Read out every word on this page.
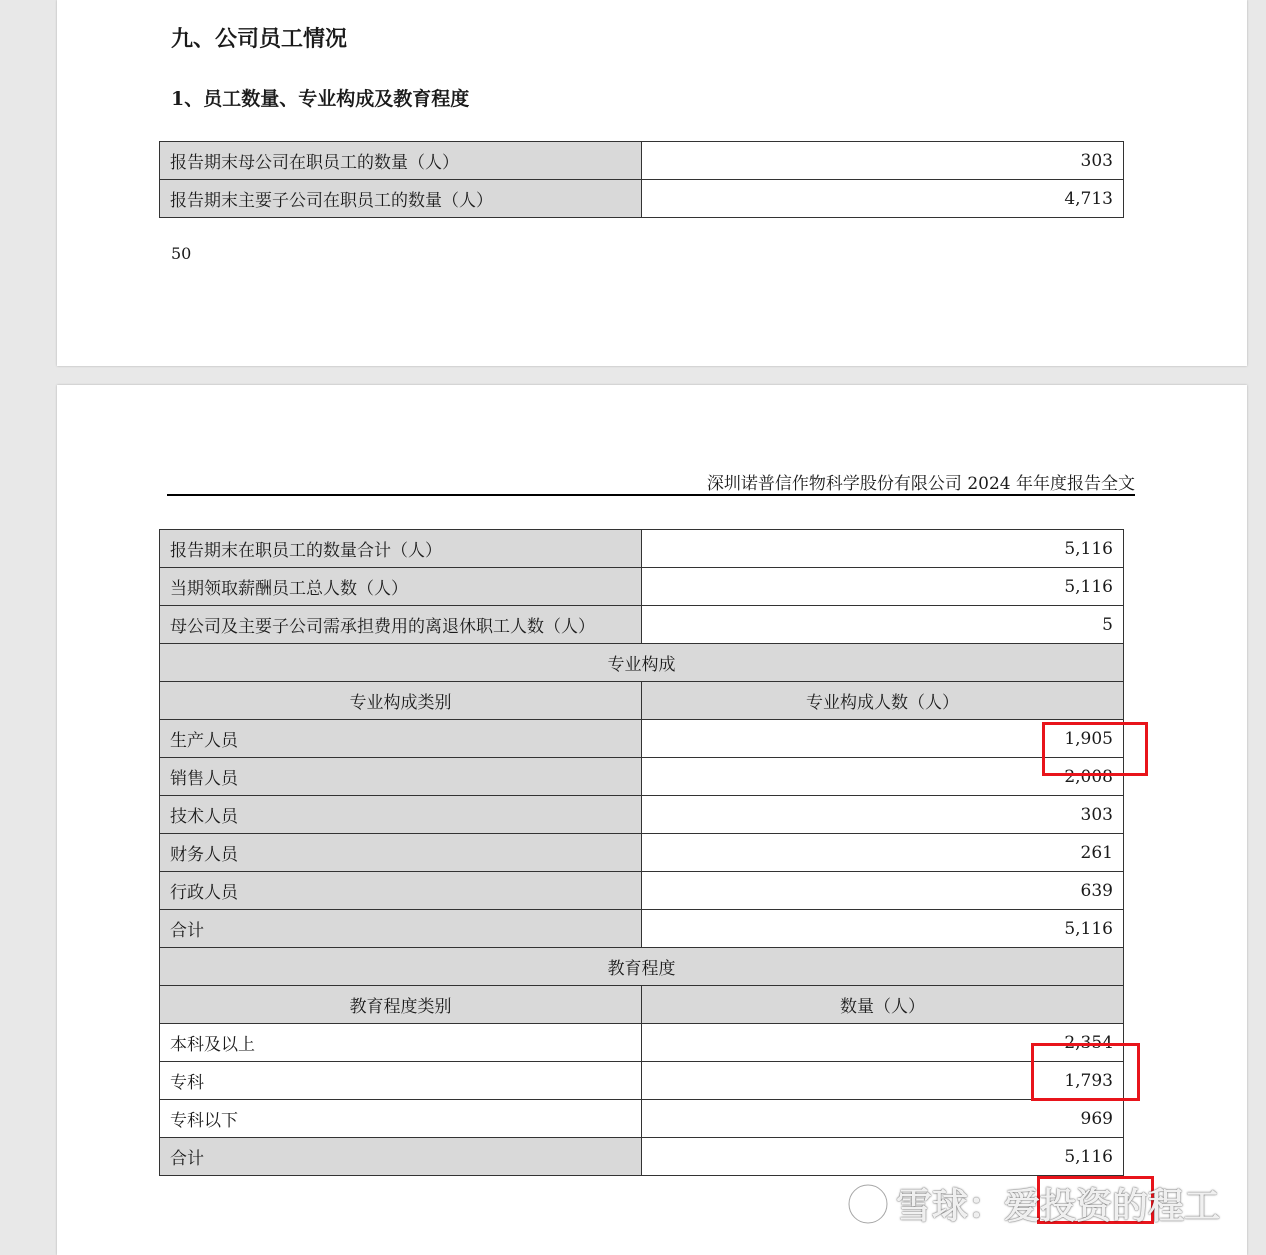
九、公司员工情况
1、员工数量、专业构成及教育程度
报告期末母公司在职员工的数量（人）	303
报告期末主要子公司在职员工的数量（人）	4,713
50
深圳诺普信作物科学股份有限公司 2024 年年度报告全文
报告期末在职员工的数量合计（人）	5,116
当期领取薪酬员工总人数（人）	5,116
母公司及主要子公司需承担费用的离退休职工人数（人）	5
专业构成	
专业构成类别	专业构成人数（人）
生产人员	1,905
销售人员	2,008
技术人员	303
财务人员	261
行政人员	639
合计	5,116
教育程度	
教育程度类别	数量（人）
本科及以上	2,354
专科	1,793
专科以下	969
合计	5,116
雪球：爱投资的程工
